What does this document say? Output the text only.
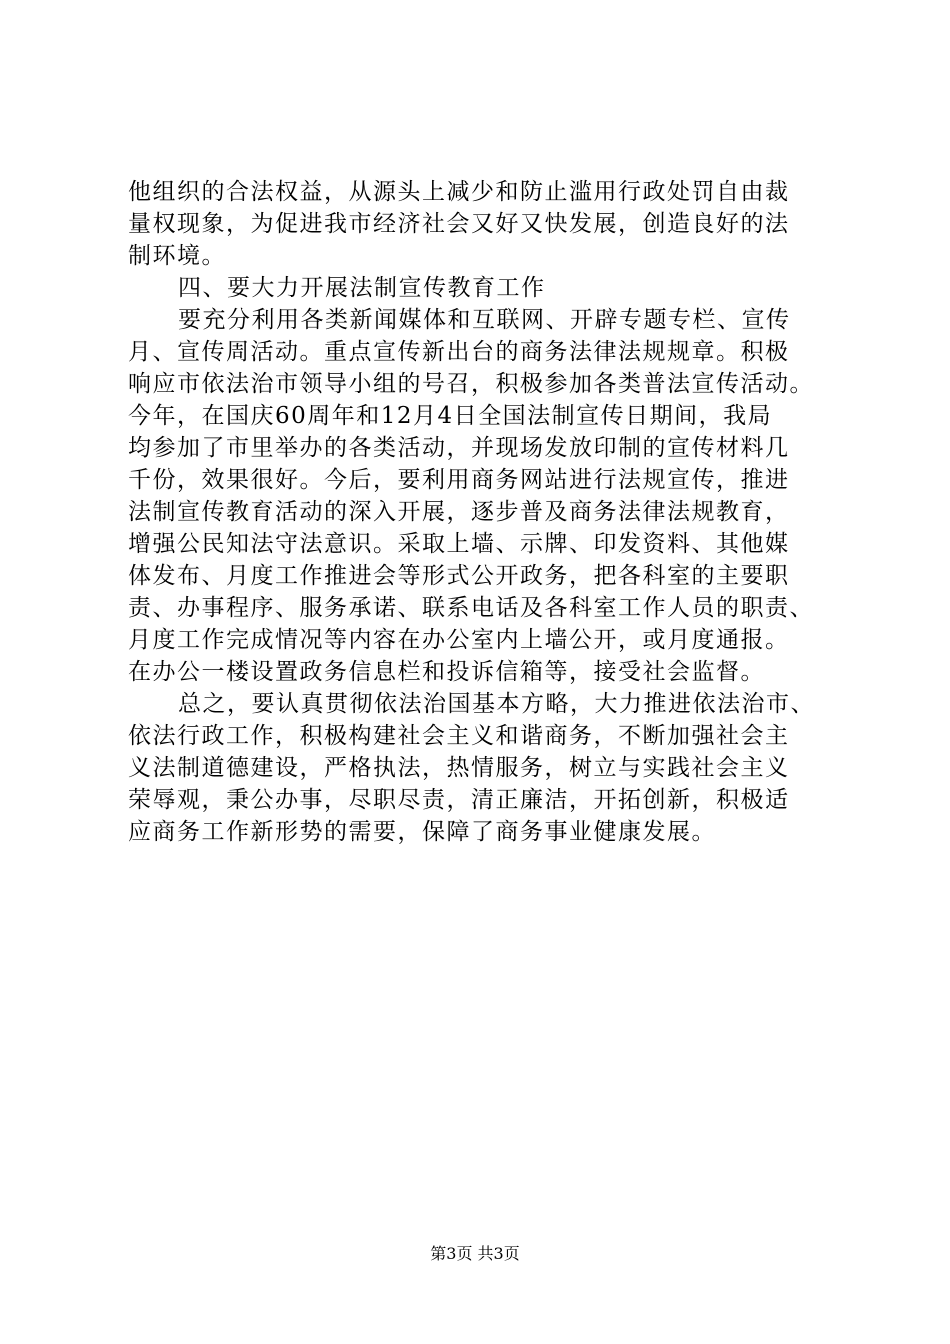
他组织的合法权益，从源头上减少和防止滥用行政处罚自由裁
量权现象，为促进我市经济社会又好又快发展，创造良好的法
制环境。
四、要大力开展法制宣传教育工作
要充分利用各类新闻媒体和互联网、开辟专题专栏、宣传
月、宣传周活动。重点宣传新出台的商务法律法规规章。积极
响应市依法治市领导小组的号召，积极参加各类普法宣传活动。
今年，在国庆60周年和12月4日全国法制宣传日期间，我局
均参加了市里举办的各类活动，并现场发放印制的宣传材料几
千份，效果很好。今后，要利用商务网站进行法规宣传，推进
法制宣传教育活动的深入开展，逐步普及商务法律法规教育，
增强公民知法守法意识。采取上墙、示牌、印发资料、其他媒
体发布、月度工作推进会等形式公开政务，把各科室的主要职
责、办事程序、服务承诺、联系电话及各科室工作人员的职责、
月度工作完成情况等内容在办公室内上墙公开，或月度通报。
在办公一楼设置政务信息栏和投诉信箱等，接受社会监督。
总之，要认真贯彻依法治国基本方略，大力推进依法治市、
依法行政工作，积极构建社会主义和谐商务，不断加强社会主
义法制道德建设，严格执法，热情服务，树立与实践社会主义
荣辱观，秉公办事，尽职尽责，清正廉洁，开拓创新，积极适
应商务工作新形势的需要，保障了商务事业健康发展。
第3页 共3页
